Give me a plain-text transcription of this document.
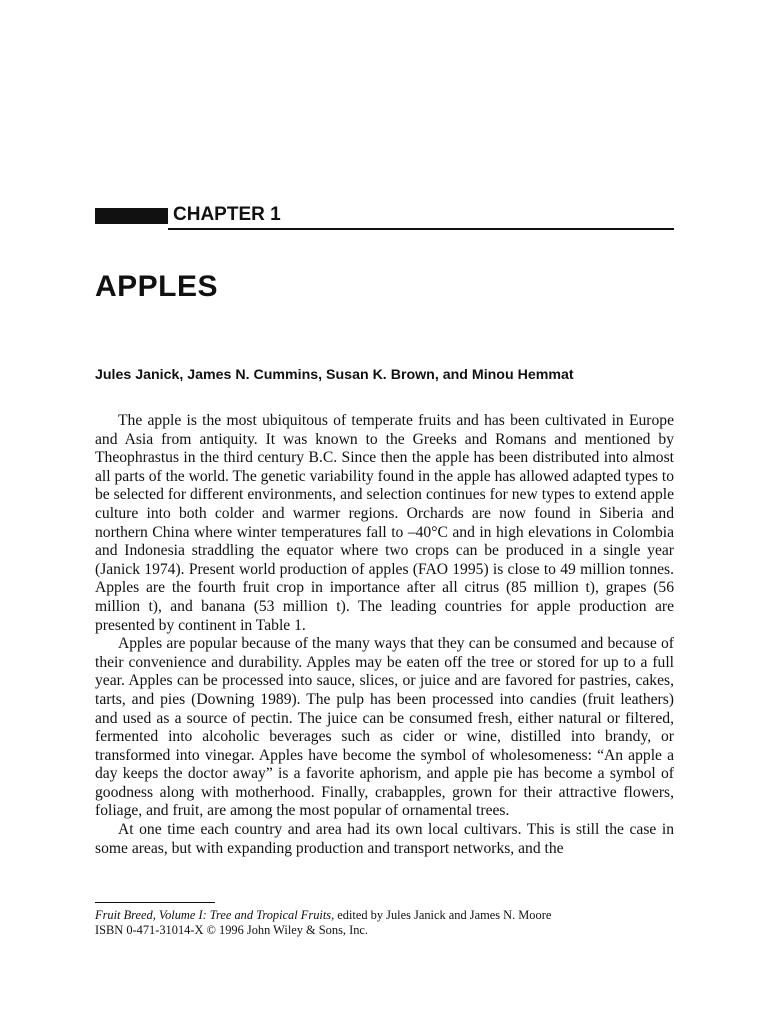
CHAPTER 1
APPLES
Jules Janick, James N. Cummins, Susan K. Brown, and Minou Hemmat

The apple is the most ubiquitous of temperate fruits and has been cultivated in Europe and Asia from antiquity. It was known to the Greeks and Romans and mentioned by Theophrastus in the third century B.C. Since then the apple has been distributed into almost all parts of the world. The genetic variability found in the apple has allowed adapted types to be selected for different environments, and selection continues for new types to extend apple culture into both colder and warmer regions. Orchards are now found in Siberia and northern China where winter temperatures fall to –40°C and in high elevations in Colombia and Indonesia straddling the equator where two crops can be produced in a single year (Janick 1974). Present world production of apples (FAO 1995) is close to 49 million tonnes. Apples are the fourth fruit crop in importance after all citrus (85 million t), grapes (56 million t), and banana (53 million t). The leading countries for apple production are presented by continent in Table 1.

Apples are popular because of the many ways that they can be consumed and because of their convenience and durability. Apples may be eaten off the tree or stored for up to a full year. Apples can be processed into sauce, slices, or juice and are favored for pastries, cakes, tarts, and pies (Downing 1989). The pulp has been processed into candies (fruit leathers) and used as a source of pectin. The juice can be consumed fresh, either natural or filtered, fermented into alcoholic beverages such as cider or wine, distilled into brandy, or transformed into vinegar. Apples have become the symbol of wholesomeness: “An apple a day keeps the doctor away” is a favorite aphorism, and apple pie has become a symbol of goodness along with motherhood. Finally, crabapples, grown for their attractive flowers, foliage, and fruit, are among the most popular of ornamental trees.

At one time each country and area had its own local cultivars. This is still the case in some areas, but with expanding production and transport networks, and the

Fruit Breed, Volume I: Tree and Tropical Fruits, edited by Jules Janick and James N. Moore
ISBN 0-471-31014-X © 1996 John Wiley & Sons, Inc.
